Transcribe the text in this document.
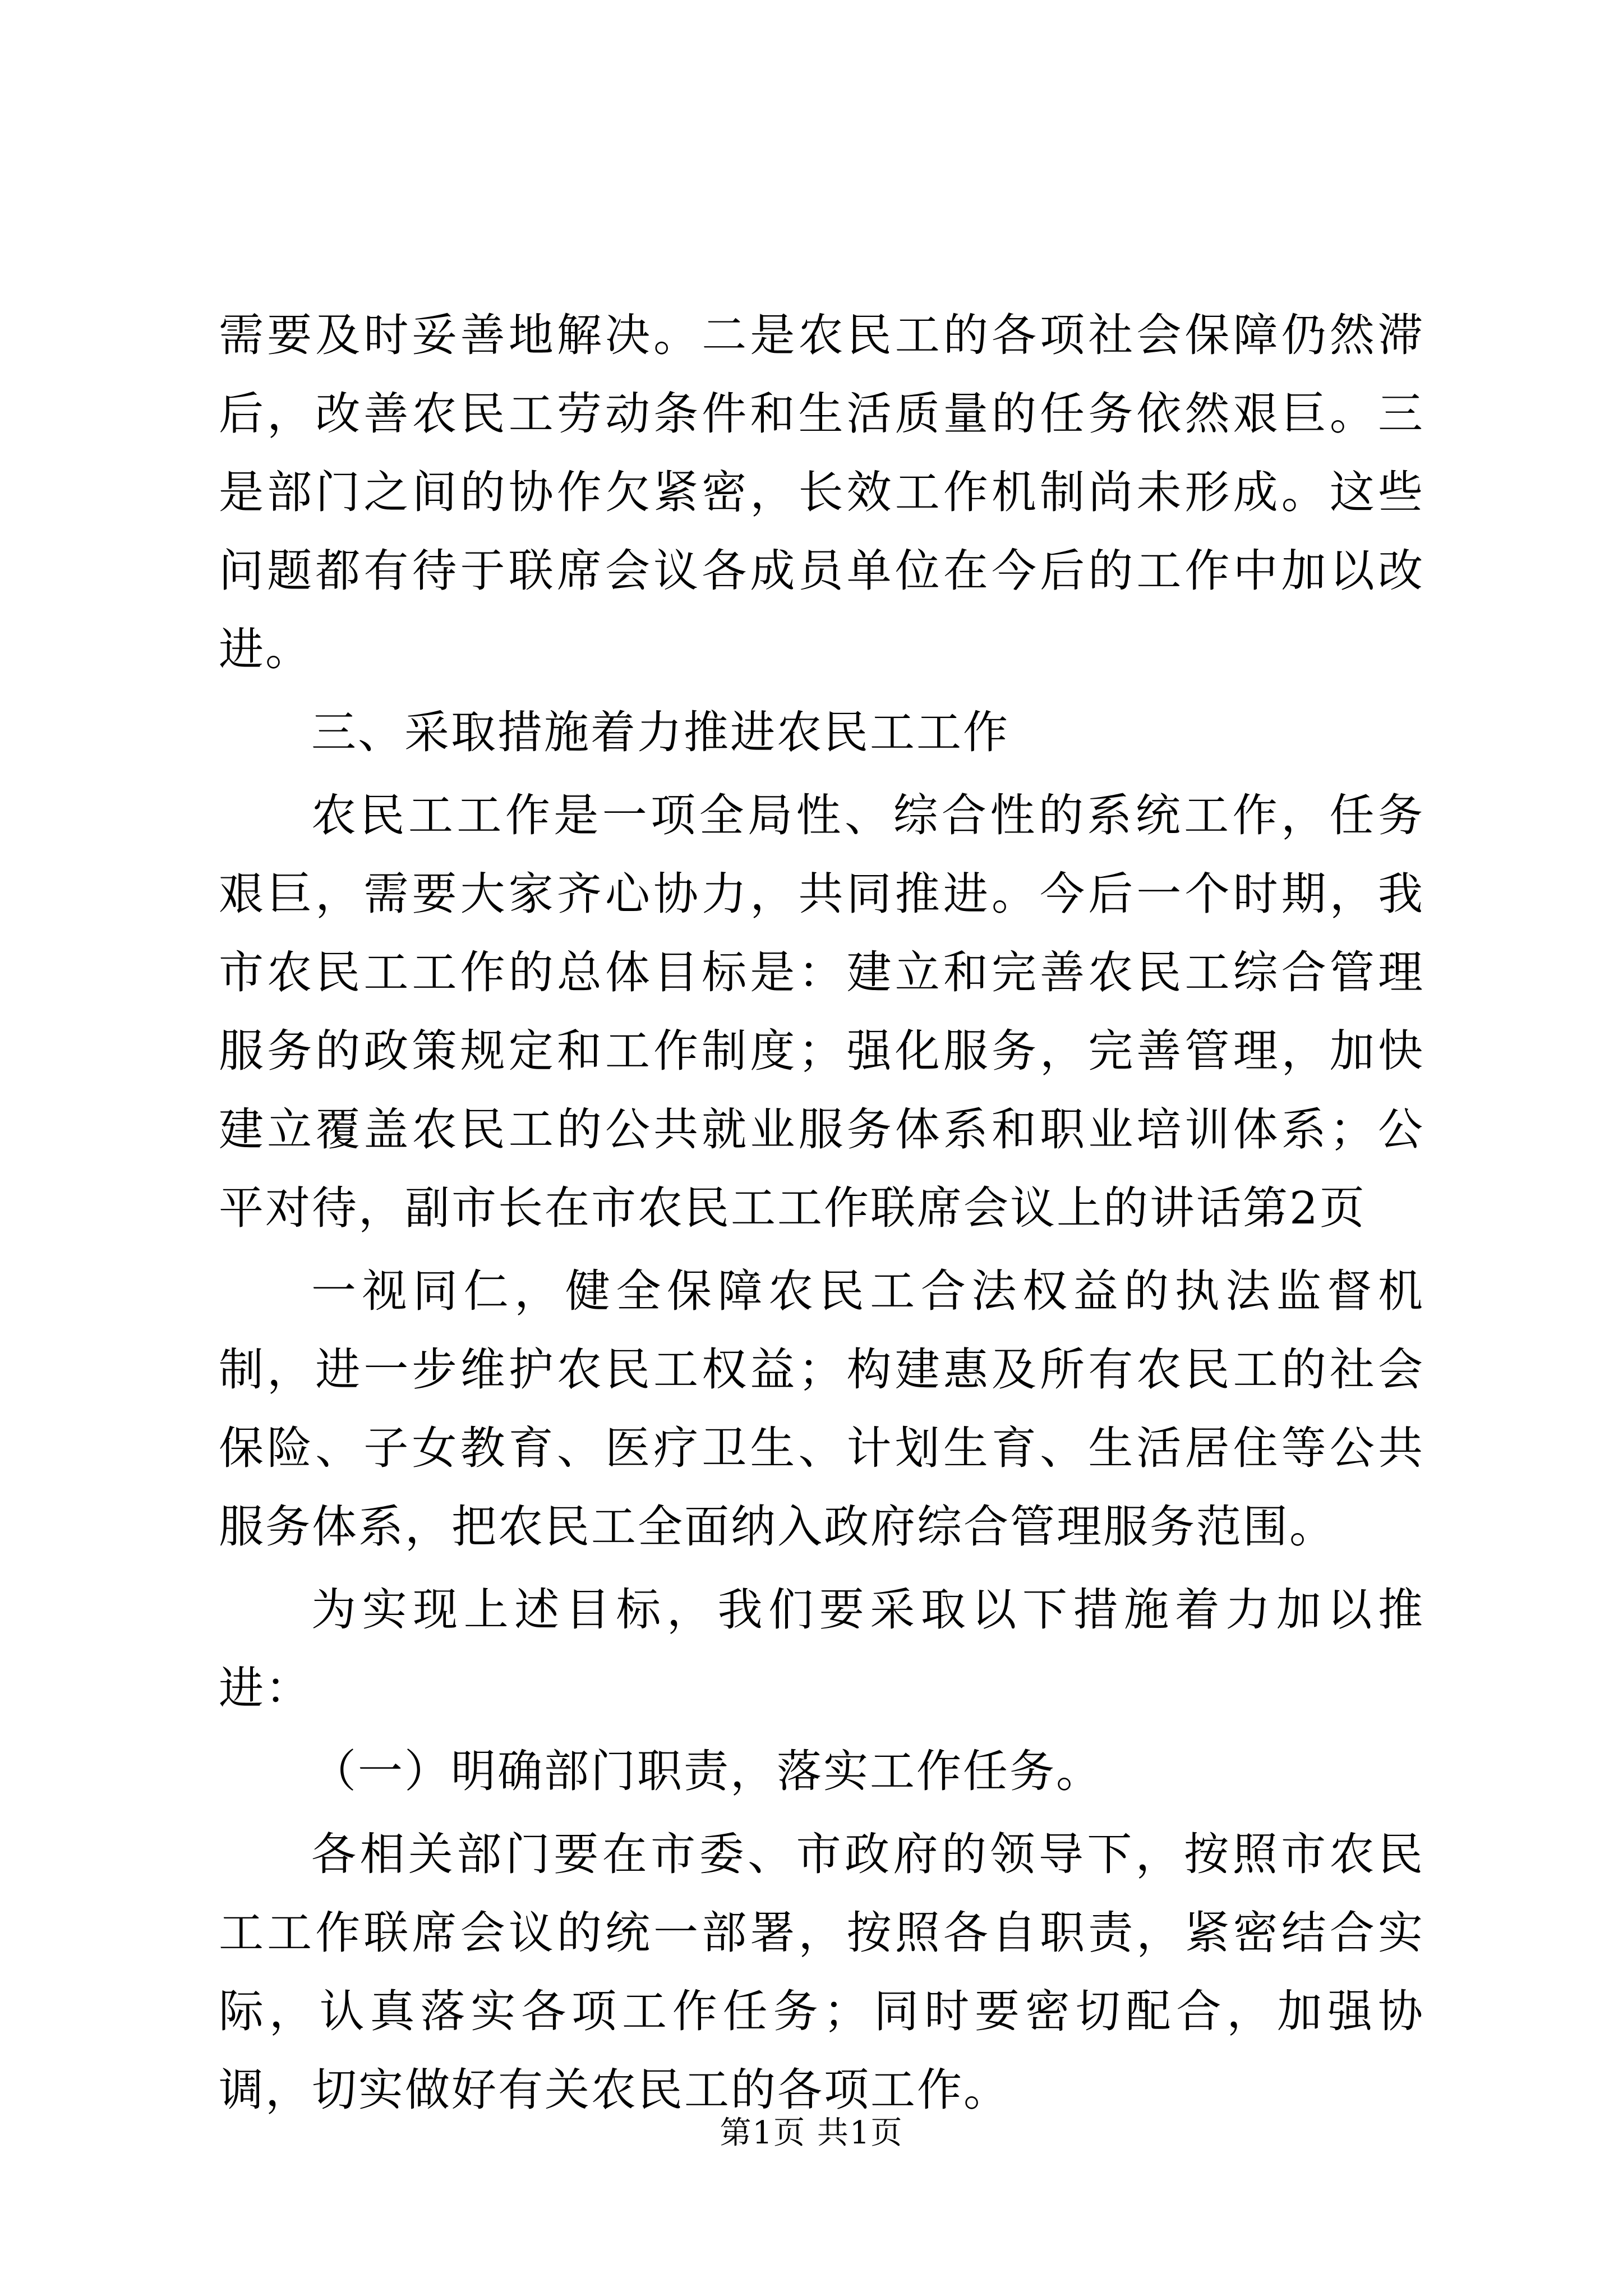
需要及时妥善地解决。二是农民工的各项社会保障仍然滞后，改善农民工劳动条件和生活质量的任务依然艰巨。三是部门之间的协作欠紧密，长效工作机制尚未形成。这些问题都有待于联席会议各成员单位在今后的工作中加以改进。

三、采取措施着力推进农民工工作

农民工工作是一项全局性、综合性的系统工作，任务艰巨，需要大家齐心协力，共同推进。今后一个时期，我市农民工工作的总体目标是：建立和完善农民工综合管理服务的政策规定和工作制度；强化服务，完善管理，加快建立覆盖农民工的公共就业服务体系和职业培训体系；公平对待，副市长在市农民工工作联席会议上的讲话第2页

一视同仁，健全保障农民工合法权益的执法监督机制，进一步维护农民工权益；构建惠及所有农民工的社会保险、子女教育、医疗卫生、计划生育、生活居住等公共服务体系，把农民工全面纳入政府综合管理服务范围。

为实现上述目标，我们要采取以下措施着力加以推进：

（一）明确部门职责，落实工作任务。

各相关部门要在市委、市政府的领导下，按照市农民工工作联席会议的统一部署，按照各自职责，紧密结合实际，认真落实各项工作任务；同时要密切配合，加强协调，切实做好有关农民工的各项工作。

第1页 共1页
